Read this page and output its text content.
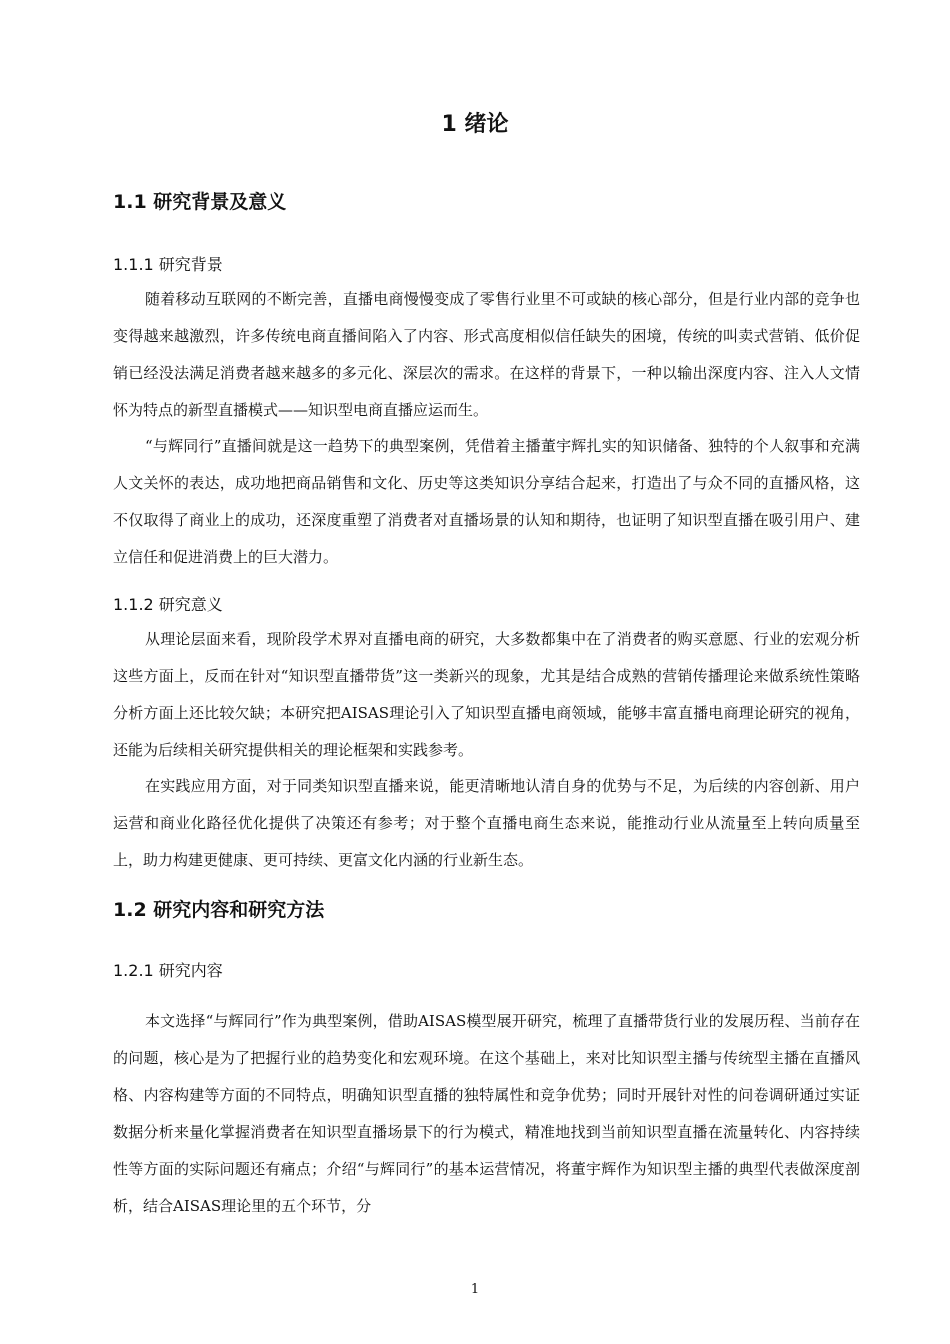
1 绪论
1.1 研究背景及意义
1.1.1 研究背景

随着移动互联网的不断完善，直播电商慢慢变成了零售行业里不可或缺的核心部分，但是行业内部的竞争也变得越来越激烈，许多传统电商直播间陷入了内容、形式高度相似信任缺失的困境，传统的叫卖式营销、低价促销已经没法满足消费者越来越多的多元化、深层次的需求。在这样的背景下，一种以输出深度内容、注入人文情怀为特点的新型直播模式——知识型电商直播应运而生。

“与辉同行”直播间就是这一趋势下的典型案例，凭借着主播董宇辉扎实的知识储备、独特的个人叙事和充满人文关怀的表达，成功地把商品销售和文化、历史等这类知识分享结合起来，打造出了与众不同的直播风格，这不仅取得了商业上的成功，还深度重塑了消费者对直播场景的认知和期待，也证明了知识型直播在吸引用户、建立信任和促进消费上的巨大潜力。

1.1.2 研究意义

从理论层面来看，现阶段学术界对直播电商的研究，大多数都集中在了消费者的购买意愿、行业的宏观分析这些方面上，反而在针对“知识型直播带货”这一类新兴的现象，尤其是结合成熟的营销传播理论来做系统性策略分析方面上还比较欠缺；本研究把AISAS理论引入了知识型直播电商领域，能够丰富直播电商理论研究的视角，还能为后续相关研究提供相关的理论框架和实践参考。

在实践应用方面，对于同类知识型直播来说，能更清晰地认清自身的优势与不足，为后续的内容创新、用户运营和商业化路径优化提供了决策还有参考；对于整个直播电商生态来说，能推动行业从流量至上转向质量至上，助力构建更健康、更可持续、更富文化内涵的行业新生态。

1.2 研究内容和研究方法
1.2.1 研究内容

本文选择“与辉同行”作为典型案例，借助AISAS模型展开研究，梳理了直播带货行业的发展历程、当前存在的问题，核心是为了把握行业的趋势变化和宏观环境。在这个基础上，来对比知识型主播与传统型主播在直播风格、内容构建等方面的不同特点，明确知识型直播的独特属性和竞争优势；同时开展针对性的问卷调研通过实证数据分析来量化掌握消费者在知识型直播场景下的行为模式，精准地找到当前知识型直播在流量转化、内容持续性等方面的实际问题还有痛点；介绍“与辉同行”的基本运营情况，将董宇辉作为知识型主播的典型代表做深度剖析，结合AISAS理论里的五个环节，分

1
